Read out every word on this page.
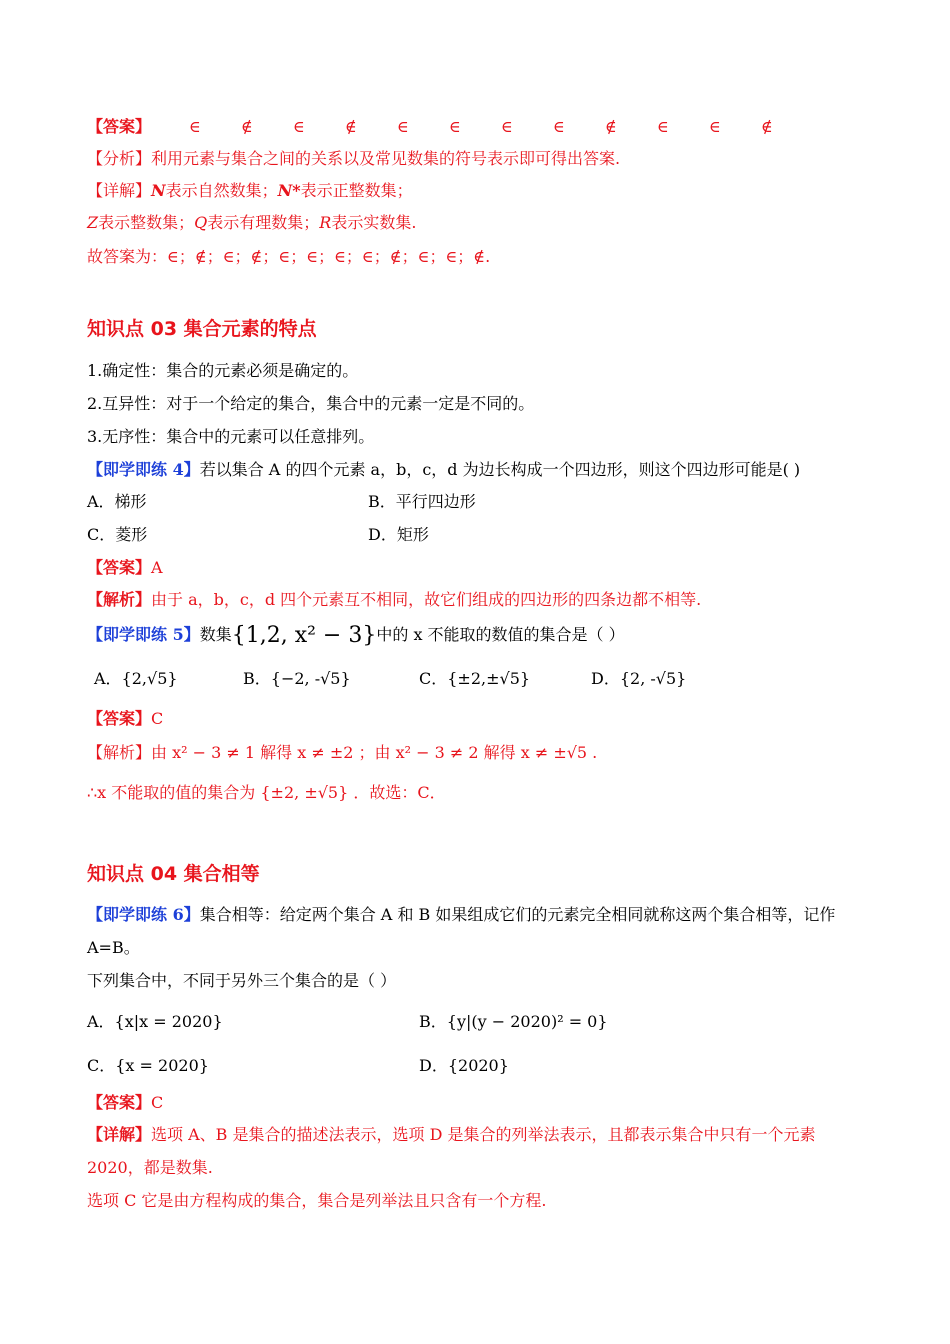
【答案】 ∈	∉	∈	∉	∈	∈	∈	∈	∉	∈	∈	∉
【分析】利用元素与集合之间的关系以及常见数集的符号表示即可得出答案.
【详解】N表示自然数集；N*表示正整数集；
Z表示整数集；Q表示有理数集；R表示实数集.
故答案为：∈；∉；∈；∉；∈；∈；∈；∈；∉；∈；∈；∉.
知识点 03 集合元素的特点
1.确定性：集合的元素必须是确定的。
2.互异性：对于一个给定的集合，集合中的元素一定是不同的。
3.无序性：集合中的元素可以任意排列。
【即学即练 4】若以集合 A 的四个元素 a，b，c，d 为边长构成一个四边形，则这个四边形可能是( )
A．梯形	B．平行四边形
C．菱形	D．矩形
【答案】A
【解析】由于 a，b，c，d 四个元素互不相同，故它们组成的四边形的四条边都不相等.
【即学即练 5】数集{1,2, x² − 3}中的 x 不能取的数值的集合是（ ）
A．{2,√5}	B．{−2, -√5}	C．{±2,±√5}	D．{2, -√5}
【答案】C
【解析】由 x² − 3 ≠ 1 解得 x ≠ ±2 ；由 x² − 3 ≠ 2 解得 x ≠ ±√5 .
∴x 不能取的值的集合为 {±2, ±√5} ．故选：C．
知识点 04 集合相等
【即学即练 6】集合相等：给定两个集合 A 和 B 如果组成它们的元素完全相同就称这两个集合相等，记作
A=B。
下列集合中，不同于另外三个集合的是（ ）
A．{x|x = 2020}	B．{y|(y − 2020)² = 0}
C．{x = 2020}	D．{2020}
【答案】C
【详解】选项 A、B 是集合的描述法表示，选项 D 是集合的列举法表示，且都表示集合中只有一个元素
2020，都是数集.
选项 C 它是由方程构成的集合，集合是列举法且只含有一个方程.
